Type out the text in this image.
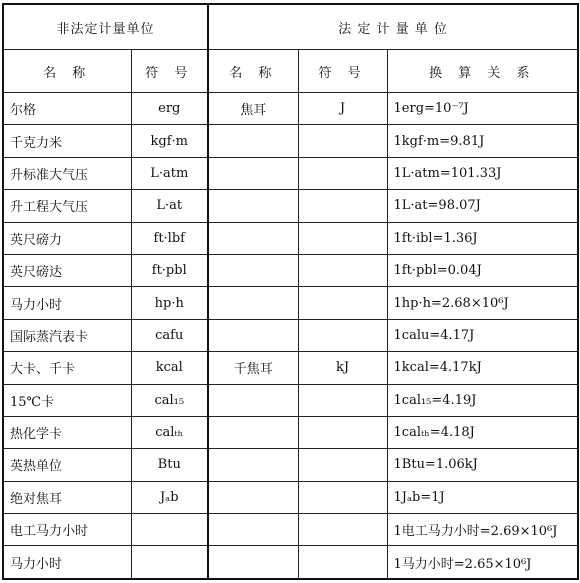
非法定计量单位		法 定 计 量 单 位		
名 称	符 号	名 称	符 号	换 算 关 系
尔格	erg	焦耳	J	1erg=10⁻⁷J
千克力米	kgf·m			1kgf·m=9.81J
升标准大气压	L·atm			1L·atm=101.33J
升工程大气压	L·at			1L·at=98.07J
英尺磅力	ft·lbf			1ft·ibl=1.36J
英尺磅达	ft·pbl			1ft·pbl=0.04J
马力小时	hp·h			1hp·h=2.68×10⁶J
国际蒸汽表卡	cafu			1calu=4.17J
大卡、千卡	kcal	千焦耳	kJ	1kcal=4.17kJ
15℃卡	cal₁₅			1cal₁₅=4.19J
热化学卡	calₜₕ			1calₜₕ=4.18J
英热单位	Btu			1Btu=1.06kJ
绝对焦耳	Jₐb			1Jₐb=1J
电工马力小时				1电工马力小时=2.69×10⁶J
马力小时				1马力小时=2.65×10⁶J
